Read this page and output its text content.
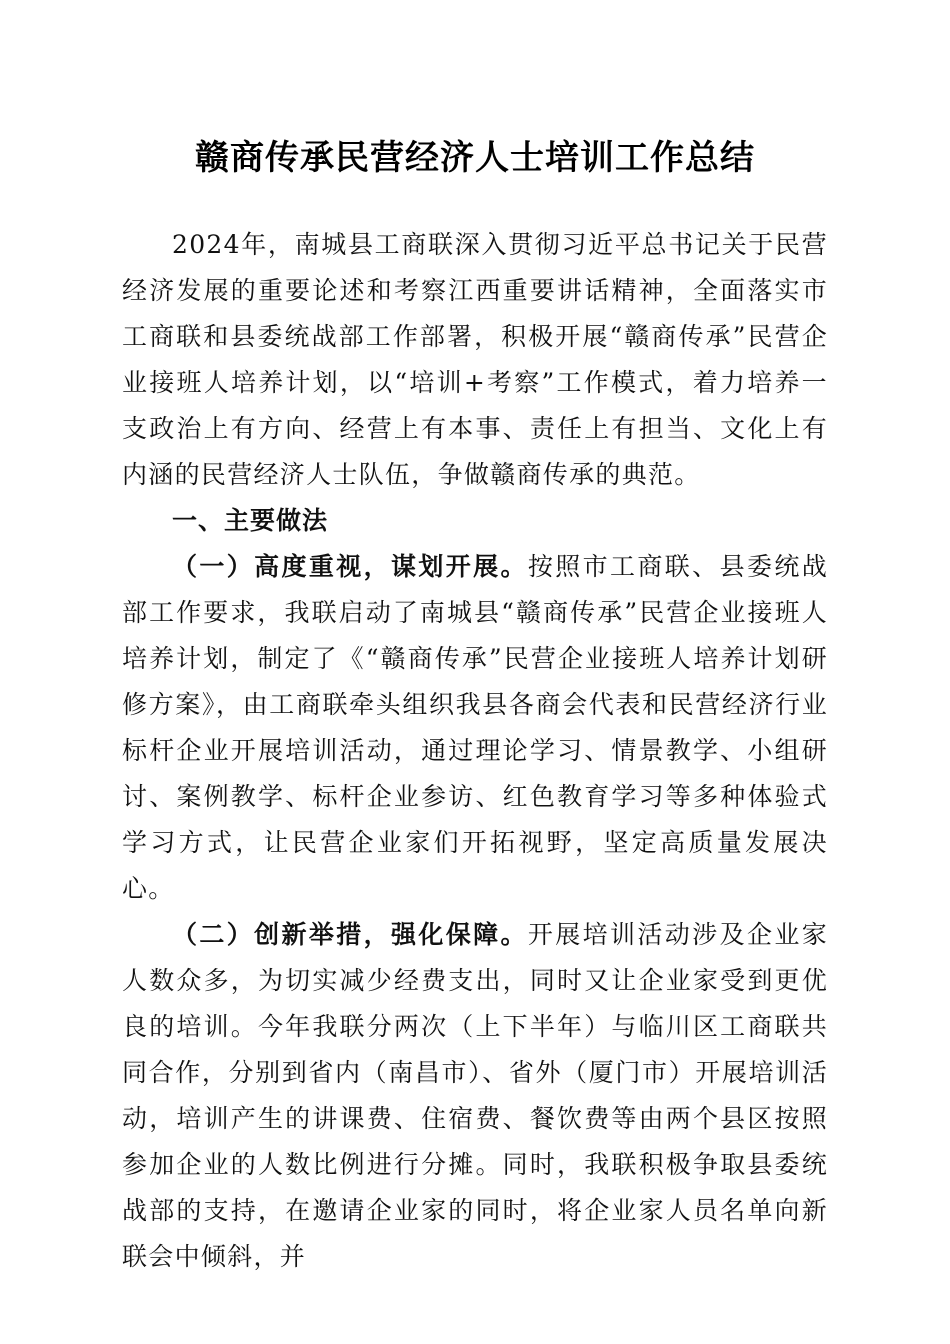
赣商传承民营经济人士培训工作总结

2024年，南城县工商联深入贯彻习近平总书记关于民营经济发展的重要论述和考察江西重要讲话精神，全面落实市工商联和县委统战部工作部署，积极开展“赣商传承”民营企业接班人培养计划，以“培训+考察”工作模式，着力培养一支政治上有方向、经营上有本事、责任上有担当、文化上有内涵的民营经济人士队伍，争做赣商传承的典范。

一、主要做法

（一）高度重视，谋划开展。按照市工商联、县委统战部工作要求，我联启动了南城县“赣商传承”民营企业接班人培养计划，制定了《“赣商传承”民营企业接班人培养计划研修方案》，由工商联牵头组织我县各商会代表和民营经济行业标杆企业开展培训活动，通过理论学习、情景教学、小组研讨、案例教学、标杆企业参访、红色教育学习等多种体验式学习方式，让民营企业家们开拓视野，坚定高质量发展决心。

（二）创新举措，强化保障。开展培训活动涉及企业家人数众多，为切实减少经费支出，同时又让企业家受到更优良的培训。今年我联分两次（上下半年）与临川区工商联共同合作，分别到省内（南昌市）、省外（厦门市）开展培训活动，培训产生的讲课费、住宿费、餐饮费等由两个县区按照参加企业的人数比例进行分摊。同时，我联积极争取县委统战部的支持，在邀请企业家的同时，将企业家人员名单向新联会中倾斜，并
